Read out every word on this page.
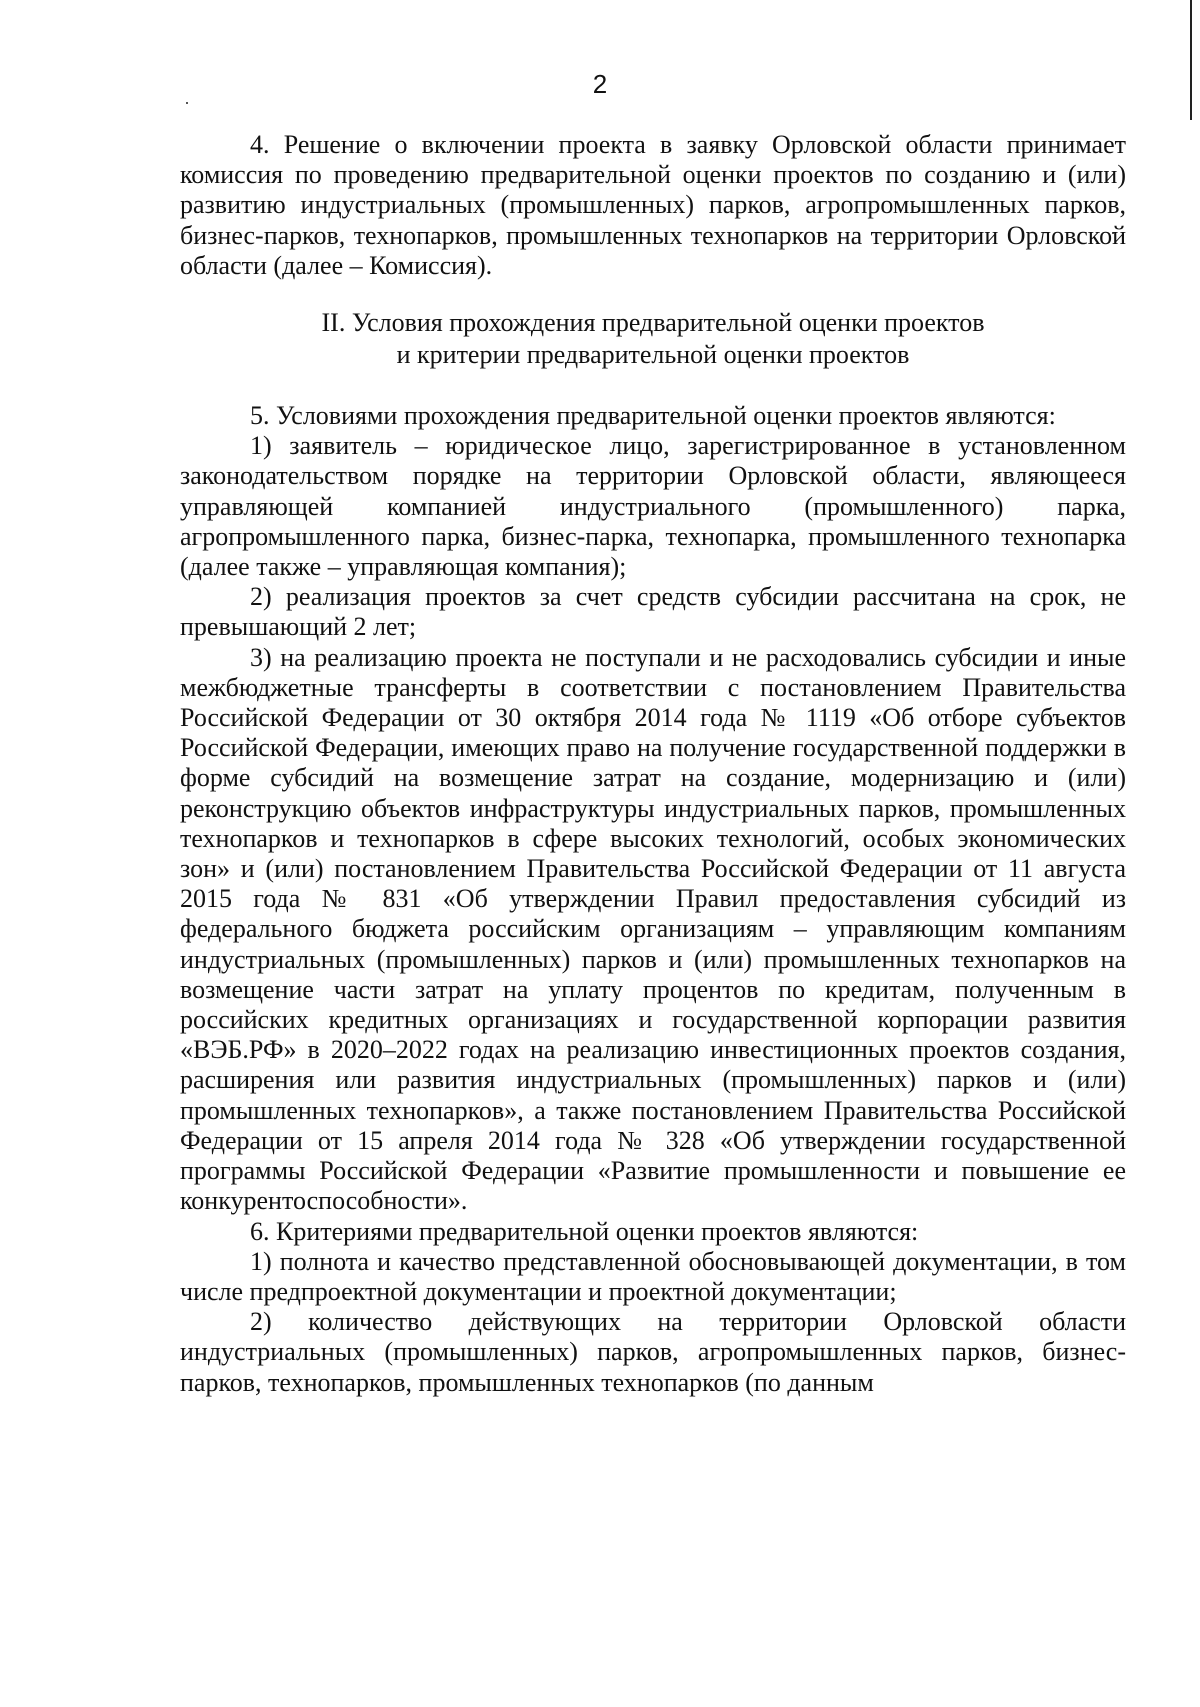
2

4. Решение о включении проекта в заявку Орловской области принимает комиссия по проведению предварительной оценки проектов по созданию и (или) развитию индустриальных (промышленных) парков, агропромышленных парков, бизнес-парков, технопарков, промышленных технопарков на территории Орловской области (далее – Комиссия).

II. Условия прохождения предварительной оценки проектов
и критерии предварительной оценки проектов

5. Условиями прохождения предварительной оценки проектов являются:

1) заявитель – юридическое лицо, зарегистрированное в установленном законодательством порядке на территории Орловской области, являющееся управляющей компанией индустриального (промышленного) парка, агропромышленного парка, бизнес-парка, технопарка, промышленного технопарка (далее также – управляющая компания);

2) реализация проектов за счет средств субсидии рассчитана на срок, не превышающий 2 лет;

3) на реализацию проекта не поступали и не расходовались субсидии и иные межбюджетные трансферты в соответствии с постановлением Правительства Российской Федерации от 30 октября 2014 года № 1119 «Об отборе субъектов Российской Федерации, имеющих право на получение государственной поддержки в форме субсидий на возмещение затрат на создание, модернизацию и (или) реконструкцию объектов инфраструктуры индустриальных парков, промышленных технопарков и технопарков в сфере высоких технологий, особых экономических зон» и (или) постановлением Правительства Российской Федерации от 11 августа 2015 года № 831 «Об утверждении Правил предоставления субсидий из федерального бюджета российским организациям – управляющим компаниям индустриальных (промышленных) парков и (или) промышленных технопарков на возмещение части затрат на уплату процентов по кредитам, полученным в российских кредитных организациях и государственной корпорации развития «ВЭБ.РФ» в 2020–2022 годах на реализацию инвестиционных проектов создания, расширения или развития индустриальных (промышленных) парков и (или) промышленных технопарков», а также постановлением Правительства Российской Федерации от 15 апреля 2014 года № 328 «Об утверждении государственной программы Российской Федерации «Развитие промышленности и повышение ее конкурентоспособности».

6. Критериями предварительной оценки проектов являются:

1) полнота и качество представленной обосновывающей документации, в том числе предпроектной документации и проектной документации;

2) количество действующих на территории Орловской области индустриальных (промышленных) парков, агропромышленных парков, бизнес-парков, технопарков, промышленных технопарков (по данным
